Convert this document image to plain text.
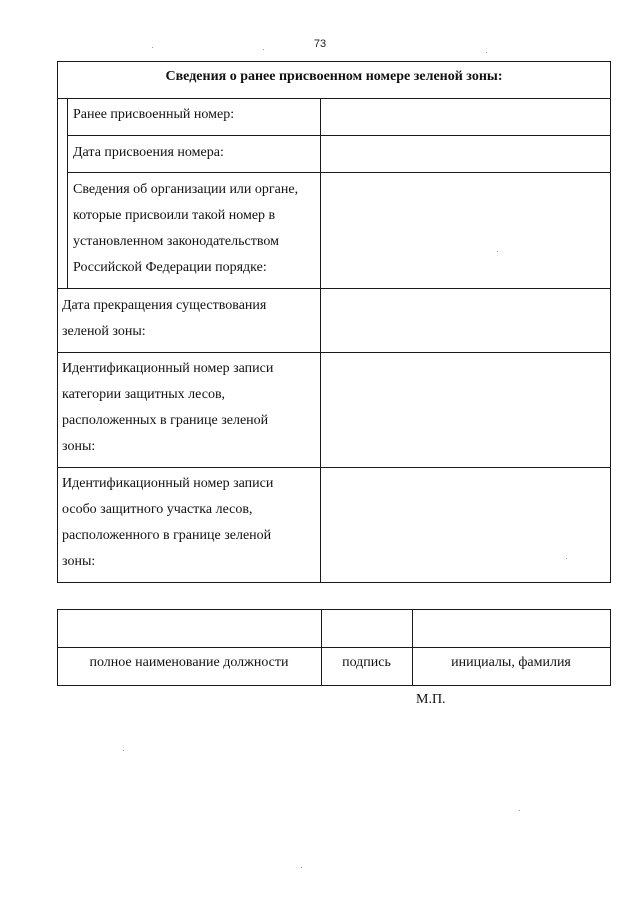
73
Сведения о ранее присвоенном номере зеленой зоны:
Ранее присвоенный номер:
Дата присвоения номера:
Сведения об организации или органе,
которые присвоили такой номер в
установленном законодательством
Российской Федерации порядке:
Дата прекращения существования
зеленой зоны:
Идентификационный номер записи
категории защитных лесов,
расположенных в границе зеленой
зоны:
Идентификационный номер записи
особо защитного участка лесов,
расположенного в границе зеленой
зоны:
полное наименование должности	подпись	инициалы, фамилия
М.П.
